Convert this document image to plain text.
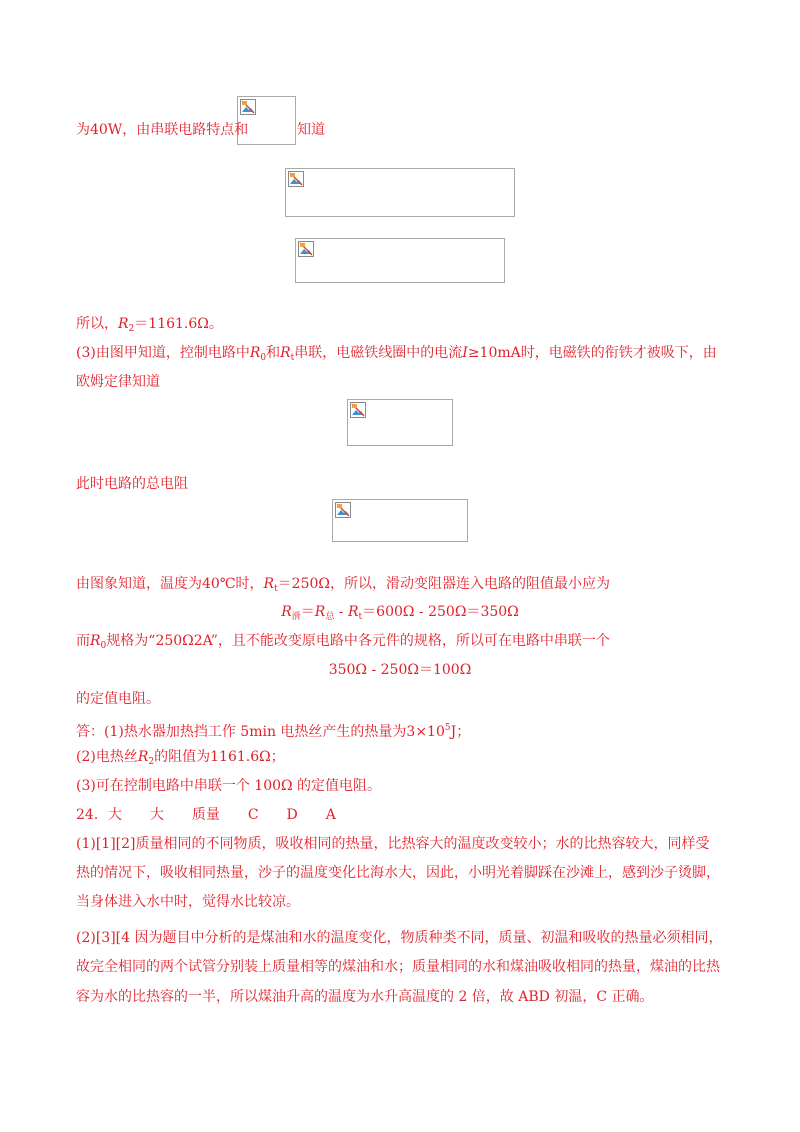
为40W，由串联电路特点和	知道
所以，$R_2=1161.6\Omega$。
(3)由图甲知道，控制电路中$R_0$和$R_t$串联，电磁铁线圈中的电流I≥10mA时，电磁铁的衔铁才被吸下，由
欧姆定律知道
此时电路的总电阻
由图象知道，温度为40℃时，$R_t=250\Omega$，所以，滑动变阻器连入电路的阻值最小应为
$R_滑=R_总 - R_t=600\Omega - 250\Omega=350\Omega$
而$R_0$规格为“250Ω2A”，且不能改变原电路中各元件的规格，所以可在电路中串联一个
350Ω - 250Ω＝100Ω
的定值电阻。
答：(1)热水器加热挡工作 5min 电热丝产生的热量为$3\times 10^5J$；
(2)电热丝$R_2$的阻值为1161.6Ω；
(3)可在控制电路中串联一个 100Ω 的定值电阻。
24．大　　大　　质量　　C　　D　　A
(1)[1][2]质量相同的不同物质，吸收相同的热量，比热容大的温度改变较小；水的比热容较大，同样受
热的情况下，吸收相同热量，沙子的温度变化比海水大，因此，小明光着脚踩在沙滩上，感到沙子烫脚，
当身体进入水中时，觉得水比较凉。
(2)[3][4 因为题目中分析的是煤油和水的温度变化，物质种类不同，质量、初温和吸收的热量必须相同，
故完全相同的两个试管分别装上质量相等的煤油和水；质量相同的水和煤油吸收相同的热量，煤油的比热
容为水的比热容的一半，所以煤油升高的温度为水升高温度的 2 倍，故 ABD 初温，C 正确。
